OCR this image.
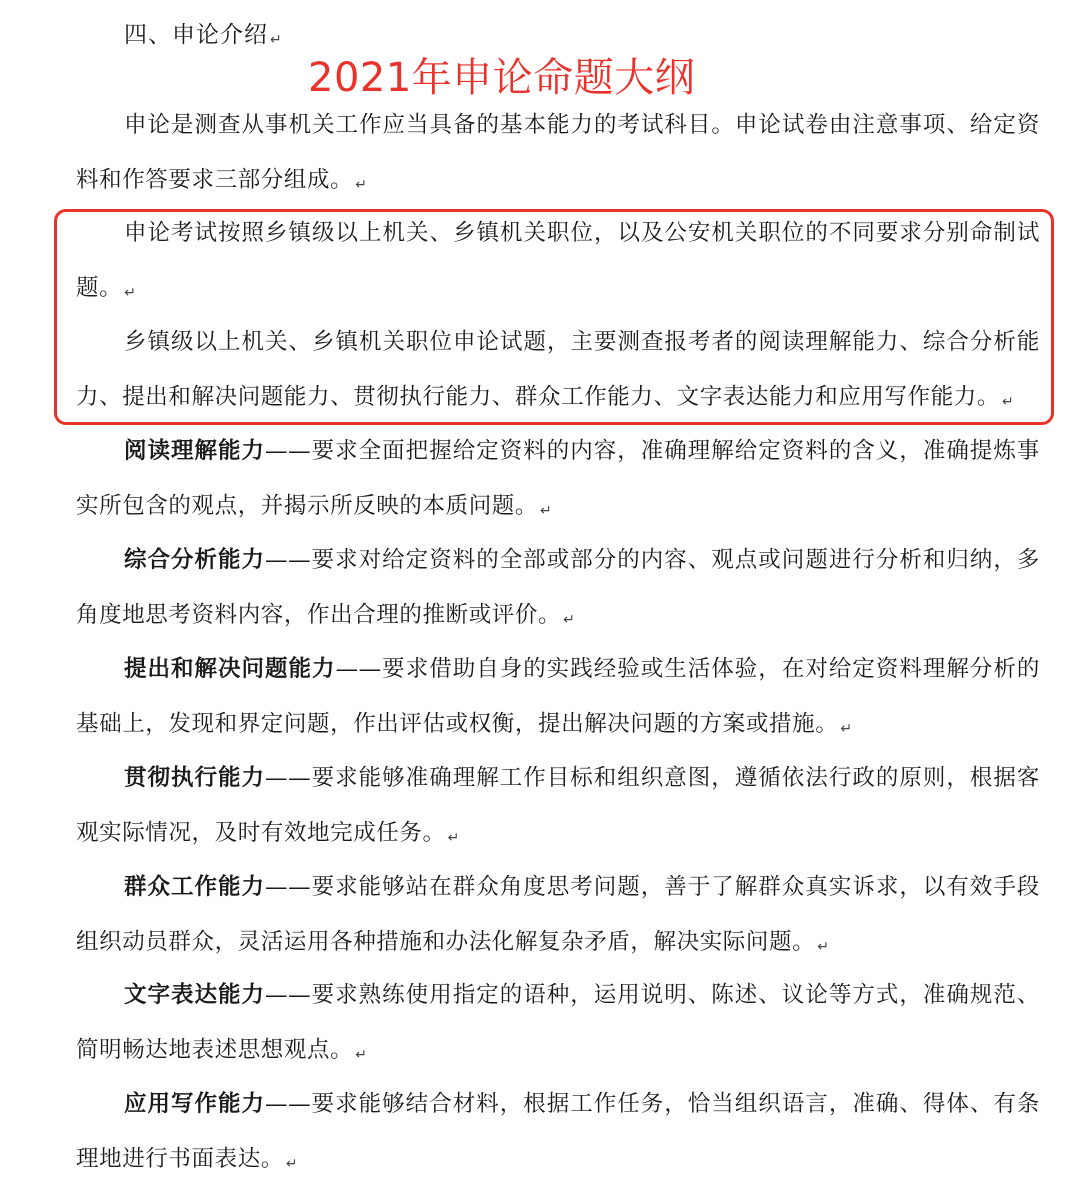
四、申论介绍 ↵
2021年申论命题大纲

申论是测查从事机关工作应当具备的基本能力的考试科目。申论试卷由注意事项、给定资料和作答要求三部分组成。 ↵

申论考试按照乡镇级以上机关、乡镇机关职位，以及公安机关职位的不同要求分别命制试题。 ↵

乡镇级以上机关、乡镇机关职位申论试题，主要测查报考者的阅读理解能力、综合分析能力、提出和解决问题能力、贯彻执行能力、群众工作能力、文字表达能力和应用写作能力。 ↵

阅读理解能力——要求全面把握给定资料的内容，准确理解给定资料的含义，准确提炼事实所包含的观点，并揭示所反映的本质问题。 ↵

综合分析能力——要求对给定资料的全部或部分的内容、观点或问题进行分析和归纳，多角度地思考资料内容，作出合理的推断或评价。 ↵

提出和解决问题能力——要求借助自身的实践经验或生活体验，在对给定资料理解分析的基础上，发现和界定问题，作出评估或权衡，提出解决问题的方案或措施。 ↵

贯彻执行能力——要求能够准确理解工作目标和组织意图，遵循依法行政的原则，根据客观实际情况，及时有效地完成任务。 ↵

群众工作能力——要求能够站在群众角度思考问题，善于了解群众真实诉求，以有效手段组织动员群众，灵活运用各种措施和办法化解复杂矛盾，解决实际问题。 ↵

文字表达能力——要求熟练使用指定的语种，运用说明、陈述、议论等方式，准确规范、简明畅达地表述思想观点。 ↵

应用写作能力——要求能够结合材料，根据工作任务，恰当组织语言，准确、得体、有条理地进行书面表达。 ↵
